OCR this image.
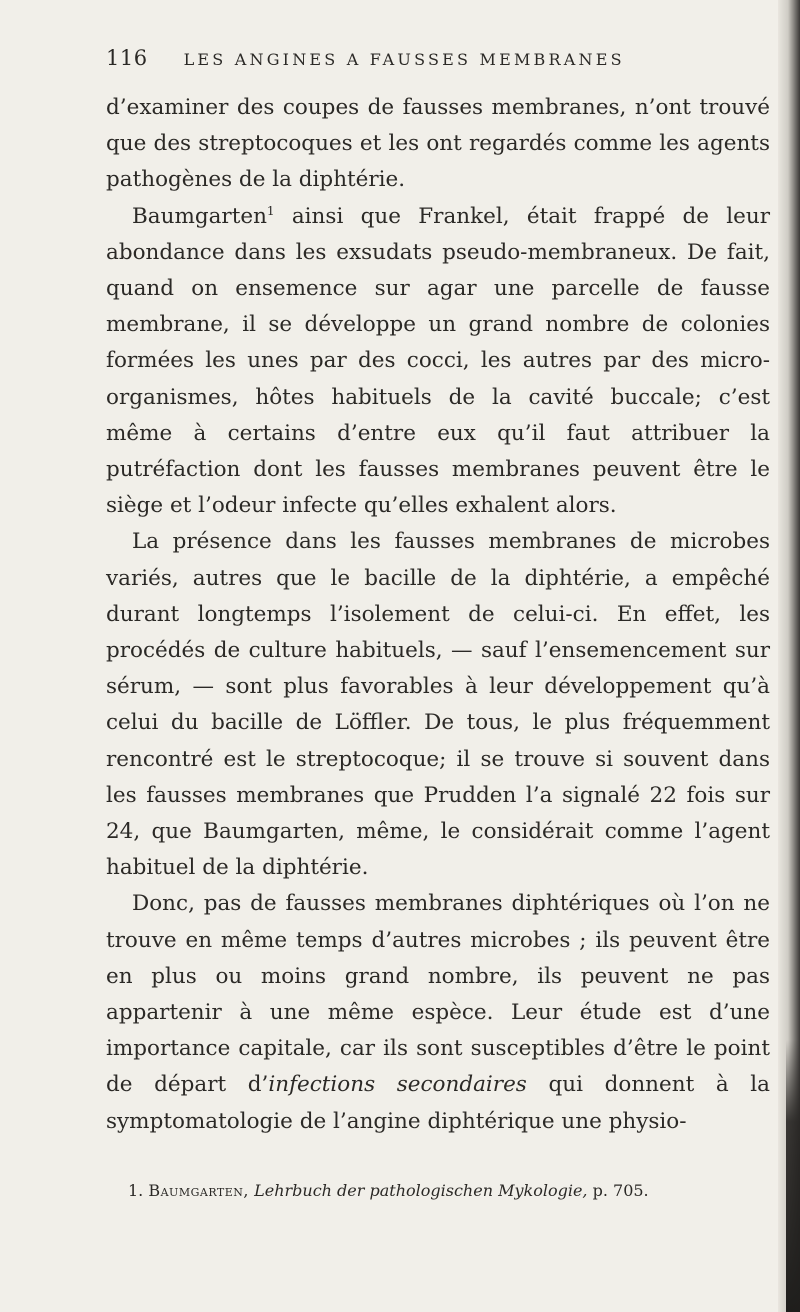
116 LES ANGINES A FAUSSES MEMBRANES

d’examiner des coupes de fausses membranes, n’ont trouvé que des streptocoques et les ont regardés comme les agents pathogènes de la diphtérie.

Baumgarten$^1$ ainsi que Frankel, était frappé de leur abondance dans les exsudats pseudo-membraneux. De fait, quand on ensemence sur agar une parcelle de fausse membrane, il se développe un grand nombre de colonies formées les unes par des cocci, les autres par des micro-organismes, hôtes habituels de la cavité buccale; c’est même à certains d’entre eux qu’il faut attribuer la putréfaction dont les fausses membranes peuvent être le siège et l’odeur infecte qu’elles exhalent alors.

La présence dans les fausses membranes de microbes variés, autres que le bacille de la diphtérie, a empêché durant longtemps l’isolement de celui-ci. En effet, les procédés de culture habituels, — sauf l’ensemencement sur sérum, — sont plus favorables à leur développement qu’à celui du bacille de Löffler. De tous, le plus fréquemment rencontré est le streptocoque; il se trouve si souvent dans les fausses membranes que Prudden l’a signalé 22 fois sur 24, que Baumgarten, même, le considérait comme l’agent habituel de la diphtérie.

Donc, pas de fausses membranes diphtériques où l’on ne trouve en même temps d’autres microbes ; ils peuvent être en plus ou moins grand nombre, ils peuvent ne pas appartenir à une même espèce. Leur étude est d’une importance capitale, car ils sont susceptibles d’être le point de départ d’infections secondaires qui donnent à la symptomatologie de l’angine diphtérique une physio-

1. Baumgarten, Lehrbuch der pathologischen Mykologie, p. 705.
